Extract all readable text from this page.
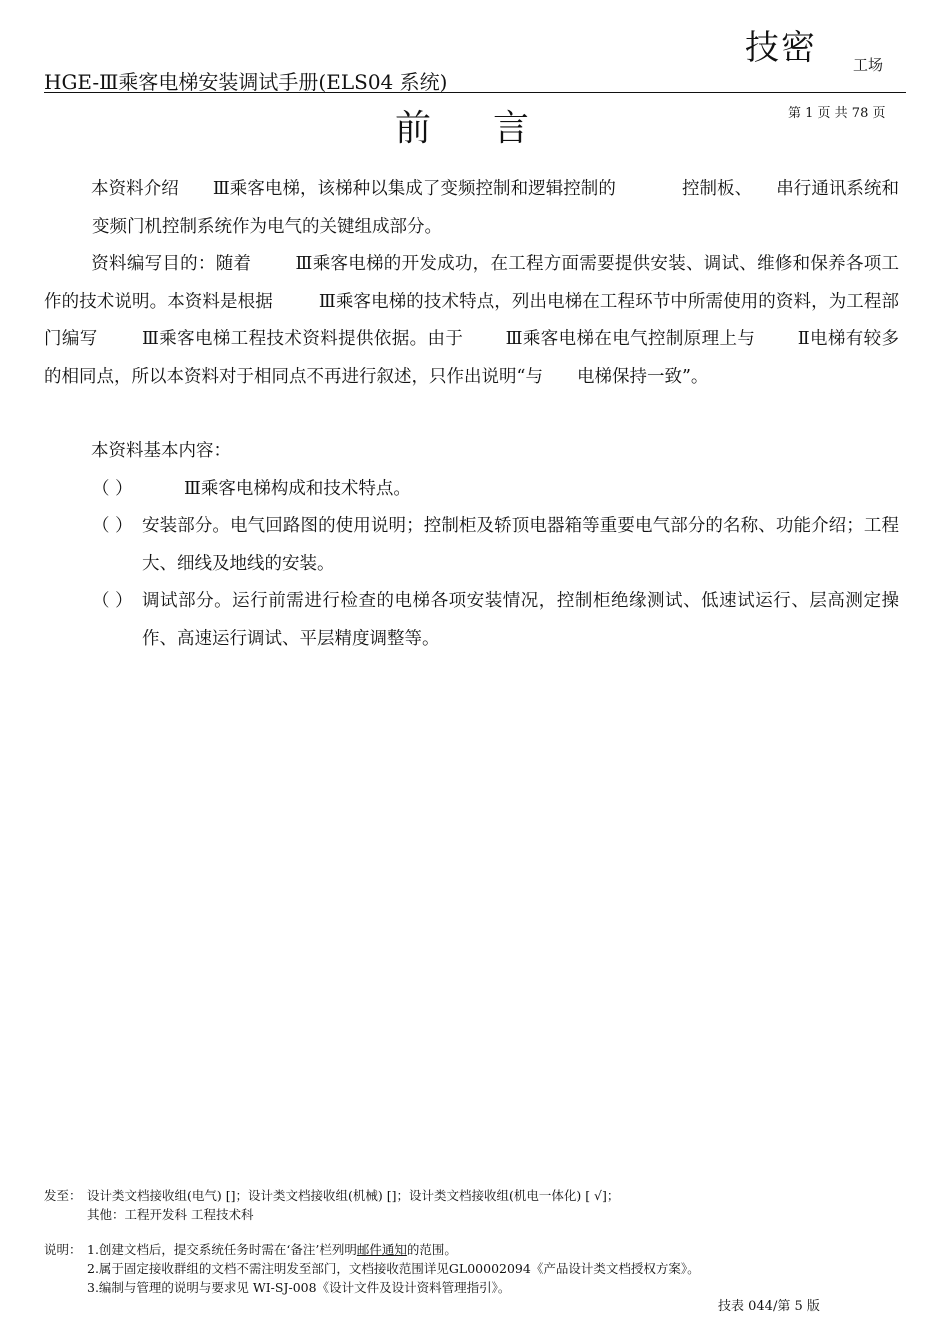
技密 工场
HGE-Ⅲ乘客电梯安装调试手册(ELS04 系统)
第 1 页 共 78 页
前言
本资料介绍 Ⅲ乘客电梯，该梯种以集成了变频控制和逻辑控制的	控制板、 串行通讯系统和变频门机控制系统作为电气的关键组成部分。
资料编写目的：随着	Ⅲ乘客电梯的开发成功，在工程方面需要提供安装、调试、维修和保养各项工作的技术说明。本资料是根据	Ⅲ乘客电梯的技术特点，列出电梯在工程环节中所需使用的资料，为工程部门编写	Ⅲ乘客电梯工程技术资料提供依据。由于 Ⅲ乘客电梯在电气控制原理上与 Ⅱ电梯有较多的相同点，所以本资料对于相同点不再进行叙述，只作出说明“与 电梯保持一致”。
本资料基本内容：
（ ）	Ⅲ乘客电梯构成和技术特点。
（ ） 安装部分。电气回路图的使用说明；控制柜及轿顶电器箱等重要电气部分的名称、功能介绍；工程大、细线及地线的安装。
（ ） 调试部分。运行前需进行检查的电梯各项安装情况，控制柜绝缘测试、低速试运行、层高测定操作、高速运行调试、平层精度调整等。
发至： 设计类文档接收组(电气) []；设计类文档接收组(机械) []；设计类文档接收组(机电一体化) [ √]；
其他：工程开发科 工程技术科
说明： 1.创建文档后，提交系统任务时需在‘备注’栏列明邮件通知的范围。
2.属于固定接收群组的文档不需注明发至部门，文档接收范围详见GL00002094《产品设计类文档授权方案》。
3.编制与管理的说明与要求见 WI-SJ-008《设计文件及设计资料管理指引》。
技表 044/第 5 版
